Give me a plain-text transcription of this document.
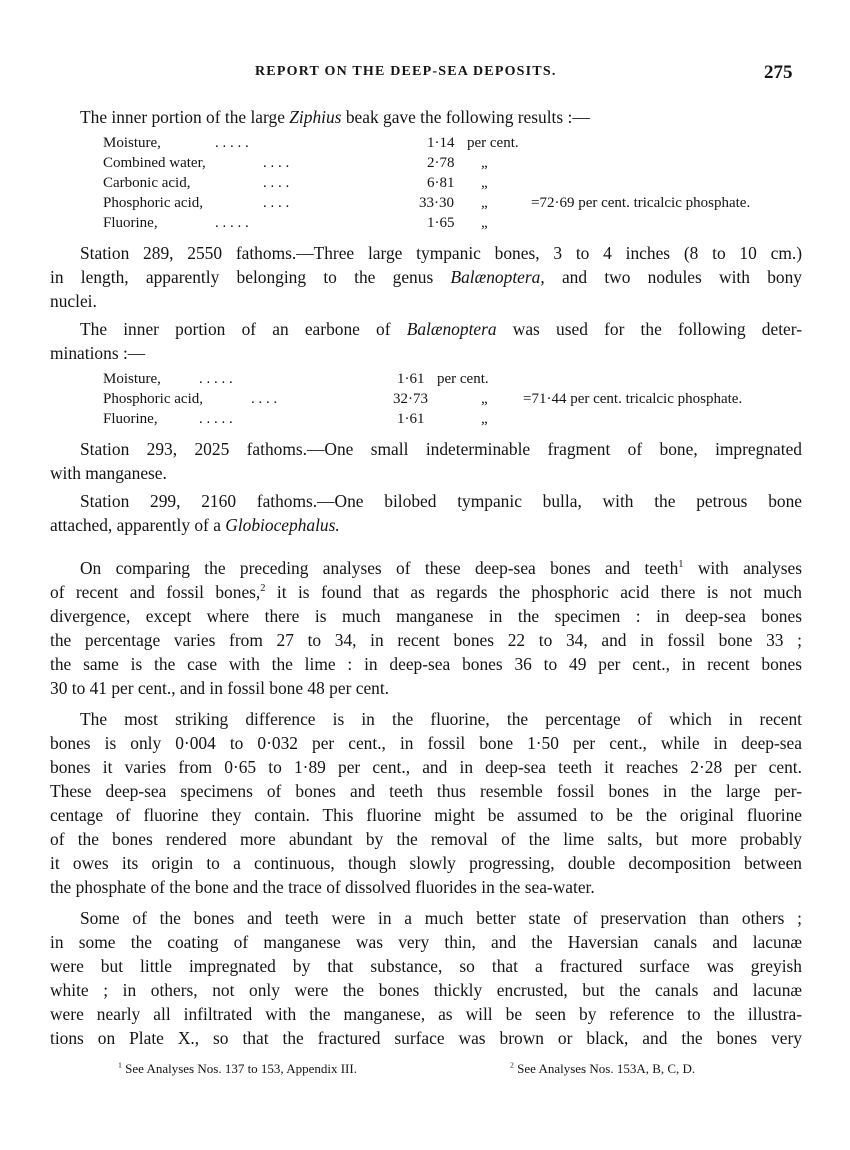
REPORT ON THE DEEP-SEA DEPOSITS.	275
The inner portion of the large Ziphius beak gave the following results :—
Moisture,	. . . . .	1·14 per cent.
Combined water,	. . . .	2·78 „
Carbonic acid,	. . . .	6·81 „
Phosphoric acid,	. . . .	33·30 „	=72·69 per cent. tricalcic phosphate.
Fluorine,	. . . . .	1·65 „
Station 289, 2550 fathoms.—Three large tympanic bones, 3 to 4 inches (8 to 10 cm.)
in length, apparently belonging to the genus Balænoptera, and two nodules with bony
nuclei.
The inner portion of an earbone of Balænoptera was used for the following deter-
minations :—
Moisture,	. . . . .	1·61 per cent.
Phosphoric acid,	. . . .	32·73	„ =71·44 per cent. tricalcic phosphate.
Fluorine,	. . . . .	1·61	„
Station 293, 2025 fathoms.—One small indeterminable fragment of bone, impregnated
with manganese.
Station 299, 2160 fathoms.—One bilobed tympanic bulla, with the petrous bone
attached, apparently of a Globiocephalus.
On comparing the preceding analyses of these deep-sea bones and teeth$^1$ with analyses
of recent and fossil bones,$^2$ it is found that as regards the phosphoric acid there is not much
divergence, except where there is much manganese in the specimen : in deep-sea bones
the percentage varies from 27 to 34, in recent bones 22 to 34, and in fossil bone 33 ;
the same is the case with the lime : in deep-sea bones 36 to 49 per cent., in recent bones
30 to 41 per cent., and in fossil bone 48 per cent.
The most striking difference is in the fluorine, the percentage of which in recent
bones is only 0·004 to 0·032 per cent., in fossil bone 1·50 per cent., while in deep-sea
bones it varies from 0·65 to 1·89 per cent., and in deep-sea teeth it reaches 2·28 per cent.
These deep-sea specimens of bones and teeth thus resemble fossil bones in the large per-
centage of fluorine they contain. This fluorine might be assumed to be the original fluorine
of the bones rendered more abundant by the removal of the lime salts, but more probably
it owes its origin to a continuous, though slowly progressing, double decomposition between
the phosphate of the bone and the trace of dissolved fluorides in the sea-water.
Some of the bones and teeth were in a much better state of preservation than others ;
in some the coating of manganese was very thin, and the Haversian canals and lacunæ
were but little impregnated by that substance, so that a fractured surface was greyish
white ; in others, not only were the bones thickly encrusted, but the canals and lacunæ
were nearly all infiltrated with the manganese, as will be seen by reference to the illustra-
tions on Plate X., so that the fractured surface was brown or black, and the bones very
$^1$ See Analyses Nos. 137 to 153, Appendix III.	$^2$ See Analyses Nos. 153A, B, C, D.
